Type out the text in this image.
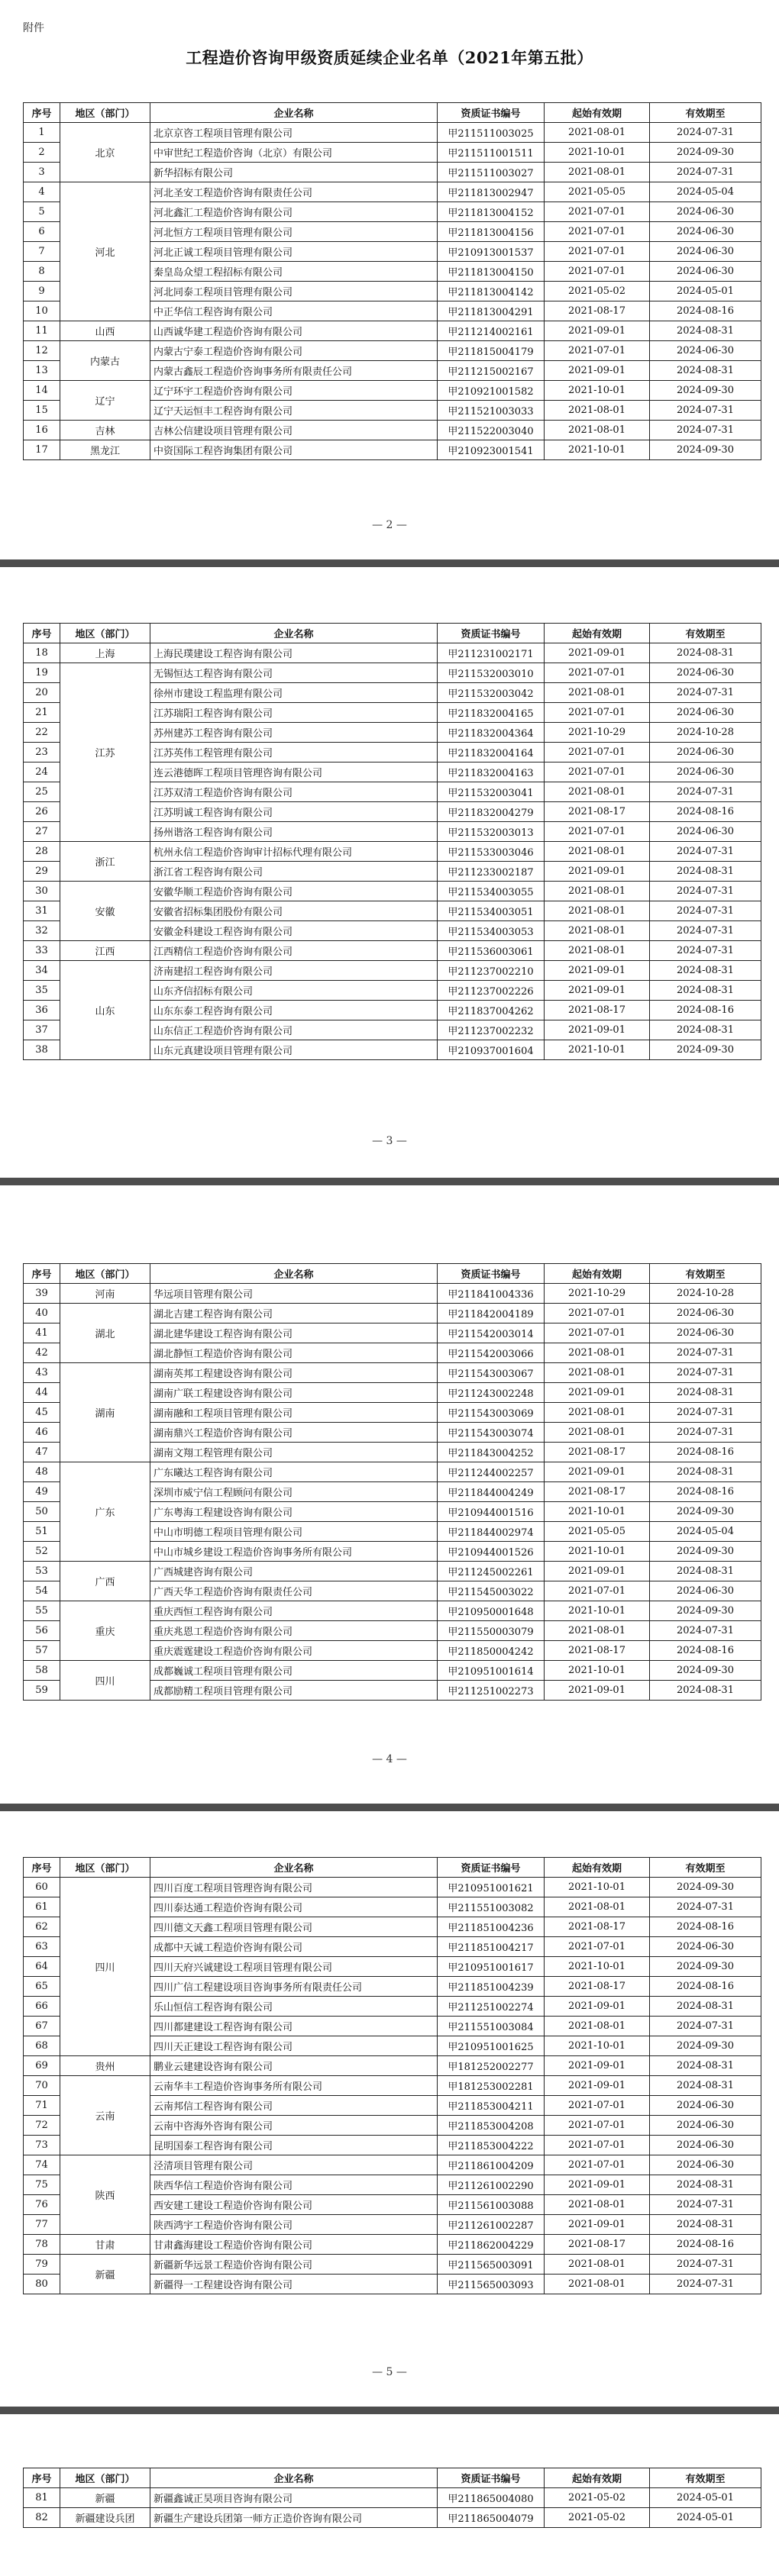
附件
工程造价咨询甲级资质延续企业名单（2021年第五批）
序号	地区（部门）	企业名称	资质证书编号	起始有效期	有效期至
1	北京	北京京咨工程项目管理有限公司	甲211511003025	2021-08-01	2024-07-31
2		中审世纪工程造价咨询（北京）有限公司	甲211511001511	2021-10-01	2024-09-30
3		新华招标有限公司	甲211511003027	2021-08-01	2024-07-31
4	河北	河北圣安工程造价咨询有限责任公司	甲211813002947	2021-05-05	2024-05-04
5		河北鑫汇工程造价咨询有限公司	甲211813004152	2021-07-01	2024-06-30
6		河北恒方工程项目管理有限公司	甲211813004156	2021-07-01	2024-06-30
7		河北正诚工程项目管理有限公司	甲210913001537	2021-07-01	2024-06-30
8		秦皇岛众望工程招标有限公司	甲211813004150	2021-07-01	2024-06-30
9		河北同泰工程项目管理有限公司	甲211813004142	2021-05-02	2024-05-01
10		中正华信工程咨询有限公司	甲211813004291	2021-08-17	2024-08-16
11	山西	山西诚华建工程造价咨询有限公司	甲211214002161	2021-09-01	2024-08-31
12	内蒙古	内蒙古宁泰工程造价咨询有限公司	甲211815004179	2021-07-01	2024-06-30
13		内蒙古鑫辰工程造价咨询事务所有限责任公司	甲211215002167	2021-09-01	2024-08-31
14	辽宁	辽宁环宇工程造价咨询有限公司	甲210921001582	2021-10-01	2024-09-30
15		辽宁天运恒丰工程咨询有限公司	甲211521003033	2021-08-01	2024-07-31
16	吉林	吉林公信建设项目管理有限公司	甲211522003040	2021-08-01	2024-07-31
17	黑龙江	中资国际工程咨询集团有限公司	甲210923001541	2021-10-01	2024-09-30
— 2 —
序号	地区（部门）	企业名称	资质证书编号	起始有效期	有效期至
18	上海	上海民璞建设工程咨询有限公司	甲211231002171	2021-09-01	2024-08-31
19	江苏	无锡恒达工程咨询有限公司	甲211532003010	2021-07-01	2024-06-30
20		徐州市建设工程监理有限公司	甲211532003042	2021-08-01	2024-07-31
21		江苏瑞阳工程咨询有限公司	甲211832004165	2021-07-01	2024-06-30
22		苏州建苏工程咨询有限公司	甲211832004364	2021-10-29	2024-10-28
23		江苏英伟工程管理有限公司	甲211832004164	2021-07-01	2024-06-30
24		连云港德晖工程项目管理咨询有限公司	甲211832004163	2021-07-01	2024-06-30
25		江苏双清工程造价咨询有限公司	甲211532003041	2021-08-01	2024-07-31
26		江苏明诚工程咨询有限公司	甲211832004279	2021-08-17	2024-08-16
27		扬州谐洛工程咨询有限公司	甲211532003013	2021-07-01	2024-06-30
28	浙江	杭州永信工程造价咨询审计招标代理有限公司	甲211533003046	2021-08-01	2024-07-31
29		浙江省工程咨询有限公司	甲211233002187	2021-09-01	2024-08-31
30	安徽	安徽华顺工程造价咨询有限公司	甲211534003055	2021-08-01	2024-07-31
31		安徽省招标集团股份有限公司	甲211534003051	2021-08-01	2024-07-31
32		安徽金科建设工程咨询有限公司	甲211534003053	2021-08-01	2024-07-31
33	江西	江西精信工程造价咨询有限公司	甲211536003061	2021-08-01	2024-07-31
34	山东	济南建招工程咨询有限公司	甲211237002210	2021-09-01	2024-08-31
35		山东齐信招标有限公司	甲211237002226	2021-09-01	2024-08-31
36		山东东泰工程咨询有限公司	甲211837004262	2021-08-17	2024-08-16
37		山东信正工程造价咨询有限公司	甲211237002232	2021-09-01	2024-08-31
38		山东元真建设项目管理有限公司	甲210937001604	2021-10-01	2024-09-30
— 3 —
序号	地区（部门）	企业名称	资质证书编号	起始有效期	有效期至
39	河南	华远项目管理有限公司	甲211841004336	2021-10-29	2024-10-28
40	湖北	湖北吉建工程咨询有限公司	甲211842004189	2021-07-01	2024-06-30
41		湖北建华建设工程咨询有限公司	甲211542003014	2021-07-01	2024-06-30
42		湖北静恒工程造价咨询有限公司	甲211542003066	2021-08-01	2024-07-31
43	湖南	湖南英邦工程建设咨询有限公司	甲211543003067	2021-08-01	2024-07-31
44		湖南广联工程建设咨询有限公司	甲211243002248	2021-09-01	2024-08-31
45		湖南融和工程项目管理有限公司	甲211543003069	2021-08-01	2024-07-31
46		湖南鼎兴工程造价咨询有限公司	甲211543003074	2021-08-01	2024-07-31
47		湖南文翔工程管理有限公司	甲211843004252	2021-08-17	2024-08-16
48	广东	广东曦达工程咨询有限公司	甲211244002257	2021-09-01	2024-08-31
49		深圳市威宁信工程顾问有限公司	甲211844004249	2021-08-17	2024-08-16
50		广东粤海工程建设咨询有限公司	甲210944001516	2021-10-01	2024-09-30
51		中山市明德工程项目管理有限公司	甲211844002974	2021-05-05	2024-05-04
52		中山市城乡建设工程造价咨询事务所有限公司	甲210944001526	2021-10-01	2024-09-30
53	广西	广西城建咨询有限公司	甲211245002261	2021-09-01	2024-08-31
54		广西天华工程造价咨询有限责任公司	甲211545003022	2021-07-01	2024-06-30
55	重庆	重庆西恒工程咨询有限公司	甲210950001648	2021-10-01	2024-09-30
56		重庆兆恩工程造价咨询有限公司	甲211550003079	2021-08-01	2024-07-31
57		重庆震霆建设工程造价咨询有限公司	甲211850004242	2021-08-17	2024-08-16
58	四川	成都巍诚工程项目管理有限公司	甲210951001614	2021-10-01	2024-09-30
59		成都励精工程项目管理有限公司	甲211251002273	2021-09-01	2024-08-31
— 4 —
序号	地区（部门）	企业名称	资质证书编号	起始有效期	有效期至
60	四川	四川百度工程项目管理咨询有限公司	甲210951001621	2021-10-01	2024-09-30
61		四川泰达通工程造价咨询有限公司	甲211551003082	2021-08-01	2024-07-31
62		四川德文天鑫工程项目管理有限公司	甲211851004236	2021-08-17	2024-08-16
63		成都中天诚工程造价咨询有限公司	甲211851004217	2021-07-01	2024-06-30
64		四川天府兴诚建设工程项目管理有限公司	甲210951001617	2021-10-01	2024-09-30
65		四川广信工程建设项目咨询事务所有限责任公司	甲211851004239	2021-08-17	2024-08-16
66		乐山恒信工程咨询有限公司	甲211251002274	2021-09-01	2024-08-31
67		四川都建建设工程咨询有限公司	甲211551003084	2021-08-01	2024-07-31
68		四川天正建设工程咨询有限公司	甲210951001625	2021-10-01	2024-09-30
69	贵州	鹏业云建建设咨询有限公司	甲181252002277	2021-09-01	2024-08-31
70	云南	云南华丰工程造价咨询事务所有限公司	甲181253002281	2021-09-01	2024-08-31
71		云南邦信工程咨询有限公司	甲211853004211	2021-07-01	2024-06-30
72		云南中咨海外咨询有限公司	甲211853004208	2021-07-01	2024-06-30
73		昆明国泰工程咨询有限公司	甲211853004222	2021-07-01	2024-06-30
74	陕西	泾清项目管理有限公司	甲211861004209	2021-07-01	2024-06-30
75		陕西华信工程造价咨询有限公司	甲211261002290	2021-09-01	2024-08-31
76		西安建工建设工程造价咨询有限公司	甲211561003088	2021-08-01	2024-07-31
77		陕西鸿宇工程造价咨询有限公司	甲211261002287	2021-09-01	2024-08-31
78	甘肃	甘肃鑫海建设工程造价咨询有限公司	甲211862004229	2021-08-17	2024-08-16
79	新疆	新疆新华远景工程造价咨询有限公司	甲211565003091	2021-08-01	2024-07-31
80		新疆得一工程建设咨询有限公司	甲211565003093	2021-08-01	2024-07-31
— 5 —
序号	地区（部门）	企业名称	资质证书编号	起始有效期	有效期至
81	新疆	新疆鑫诚正昊项目咨询有限公司	甲211865004080	2021-05-02	2024-05-01
82	新疆建设兵团	新疆生产建设兵团第一师方正造价咨询有限公司	甲211865004079	2021-05-02	2024-05-01
